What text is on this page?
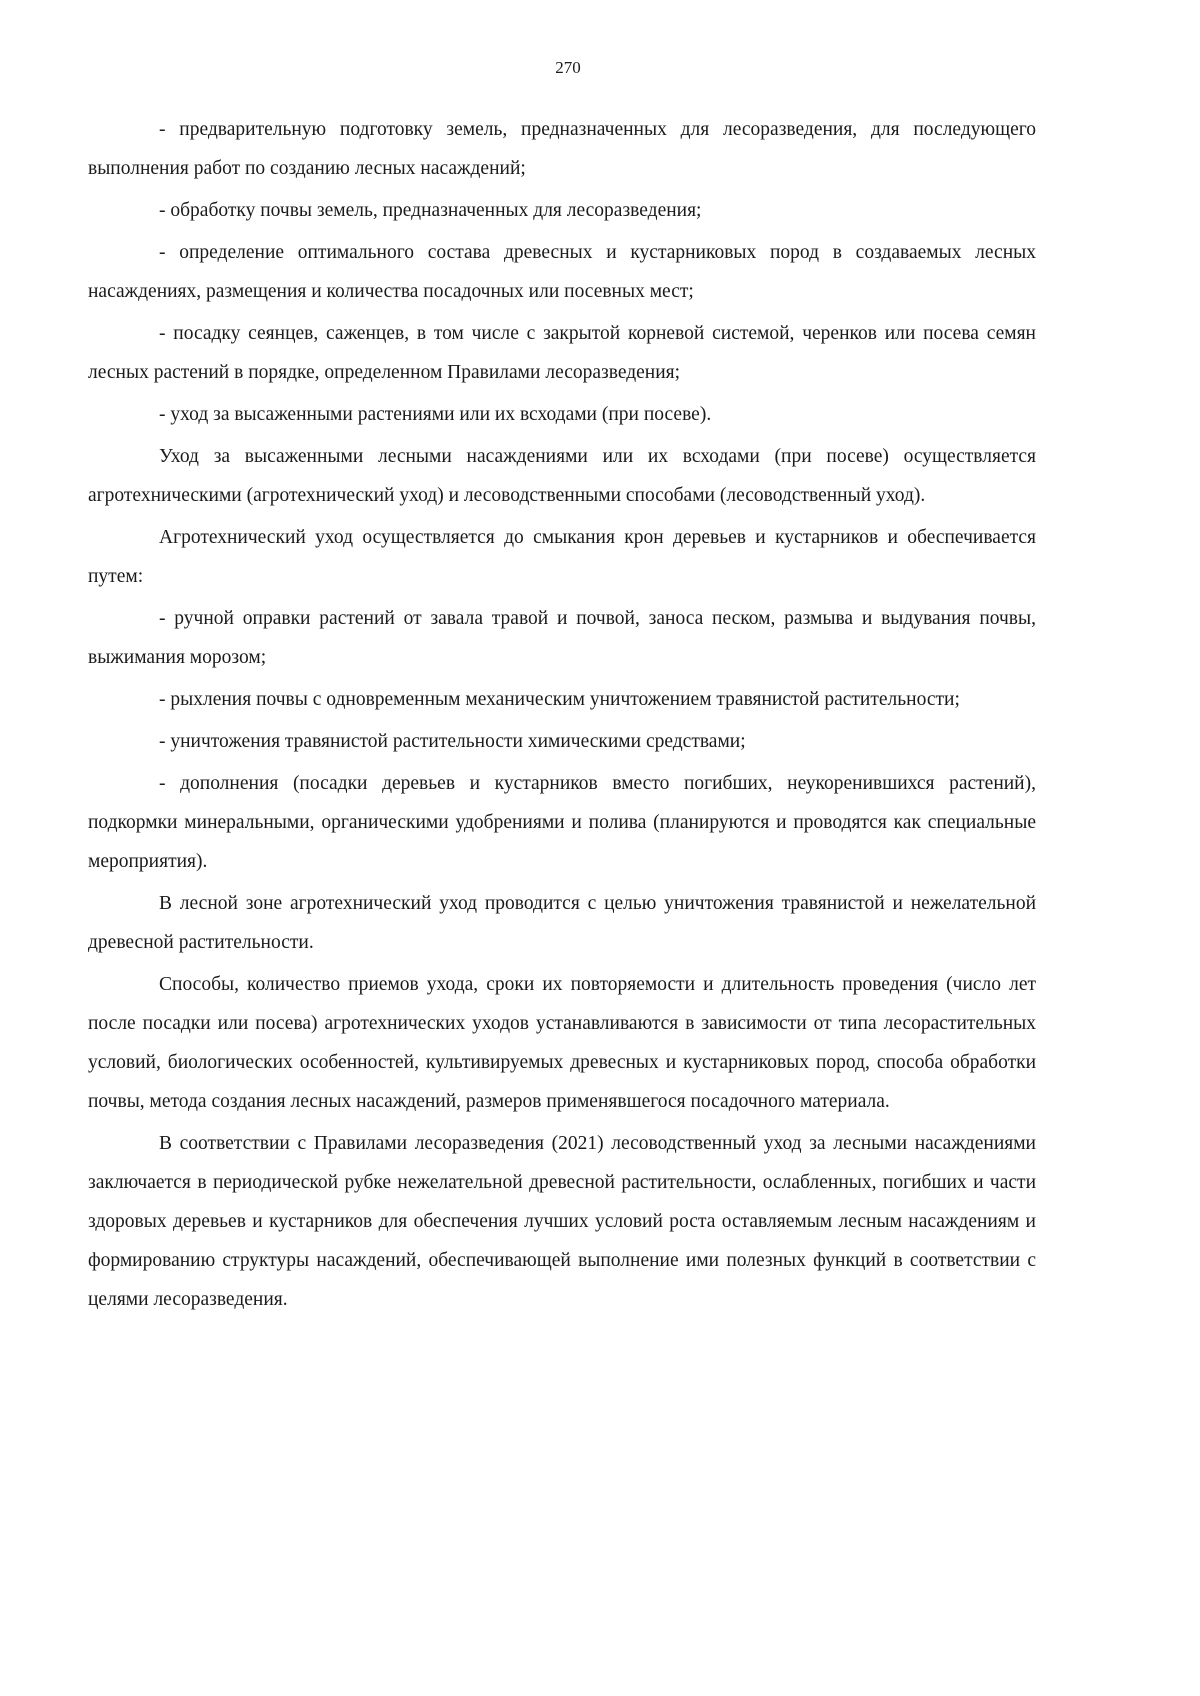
270

- предварительную подготовку земель, предназначенных для лесоразведения, для последующего выполнения работ по созданию лесных насаждений;

- обработку почвы земель, предназначенных для лесоразведения;

- определение оптимального состава древесных и кустарниковых пород в создаваемых лесных насаждениях, размещения и количества посадочных или посевных мест;

- посадку сеянцев, саженцев, в том числе с закрытой корневой системой, черенков или посева семян лесных растений в порядке, определенном Правилами лесоразведения;

- уход за высаженными растениями или их всходами (при посеве).

Уход за высаженными лесными насаждениями или их всходами (при посеве) осуществляется агротехническими (агротехнический уход) и лесоводственными способами (лесоводственный уход).

Агротехнический уход осуществляется до смыкания крон деревьев и кустарников и обеспечивается путем:

- ручной оправки растений от завала травой и почвой, заноса песком, размыва и выдувания почвы, выжимания морозом;

- рыхления почвы с одновременным механическим уничтожением травянистой растительности;

- уничтожения травянистой растительности химическими средствами;

- дополнения (посадки деревьев и кустарников вместо погибших, неукоренившихся растений), подкормки минеральными, органическими удобрениями и полива (планируются и проводятся как специальные мероприятия).

В лесной зоне агротехнический уход проводится с целью уничтожения травянистой и нежелательной древесной растительности.

Способы, количество приемов ухода, сроки их повторяемости и длительность проведения (число лет после посадки или посева) агротехнических уходов устанавливаются в зависимости от типа лесорастительных условий, биологических особенностей, культивируемых древесных и кустарниковых пород, способа обработки почвы, метода создания лесных насаждений, размеров применявшегося посадочного материала.

В соответствии с Правилами лесоразведения (2021) лесоводственный уход за лесными насаждениями заключается в периодической рубке нежелательной древесной растительности, ослабленных, погибших и части здоровых деревьев и кустарников для обеспечения лучших условий роста оставляемым лесным насаждениям и формированию структуры насаждений, обеспечивающей выполнение ими полезных функций в соответствии с целями лесоразведения.
